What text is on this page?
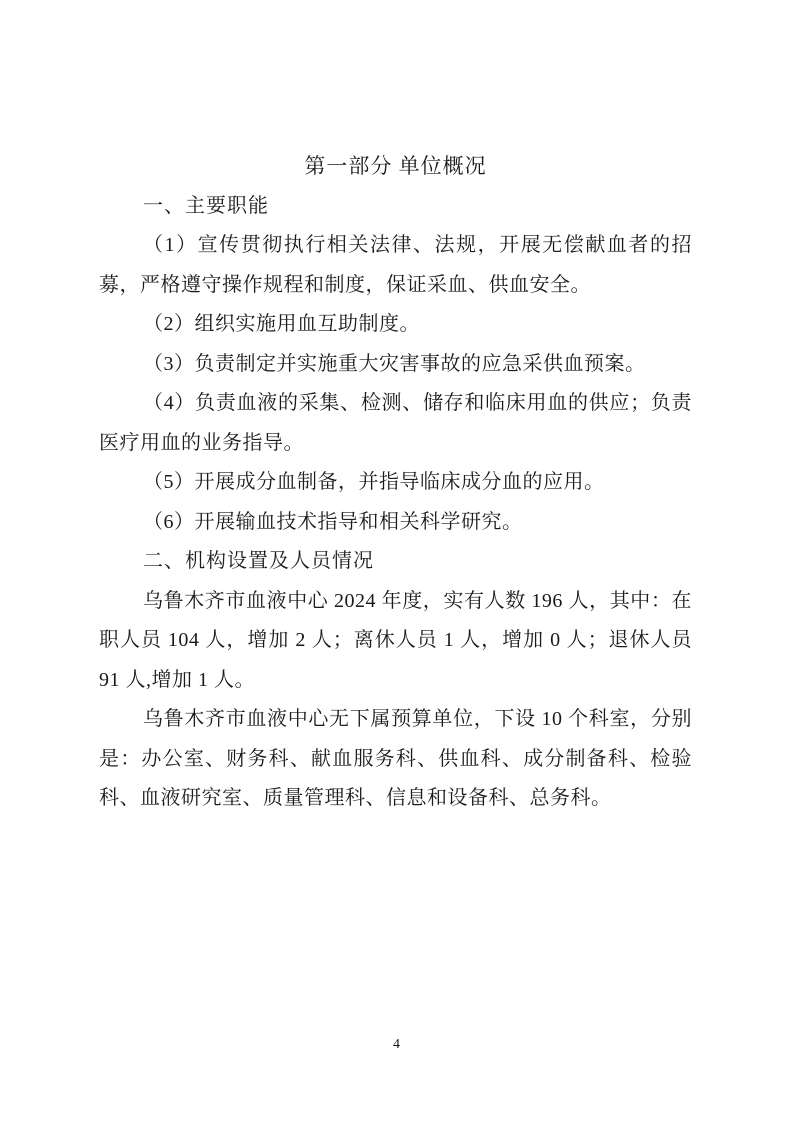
第一部分 单位概况
一、主要职能

（1）宣传贯彻执行相关法律、法规，开展无偿献血者的招募，严格遵守操作规程和制度，保证采血、供血安全。

（2）组织实施用血互助制度。

（3）负责制定并实施重大灾害事故的应急采供血预案。

（4）负责血液的采集、检测、储存和临床用血的供应；负责医疗用血的业务指导。

（5）开展成分血制备，并指导临床成分血的应用。

（6）开展输血技术指导和相关科学研究。

二、机构设置及人员情况

乌鲁木齐市血液中心 2024 年度，实有人数 196 人，其中：在职人员 104 人，增加 2 人；离休人员 1 人，增加 0 人；退休人员 91 人,增加 1 人。

乌鲁木齐市血液中心无下属预算单位，下设 10 个科室，分别是：办公室、财务科、献血服务科、供血科、成分制备科、检验科、血液研究室、质量管理科、信息和设备科、总务科。

4
